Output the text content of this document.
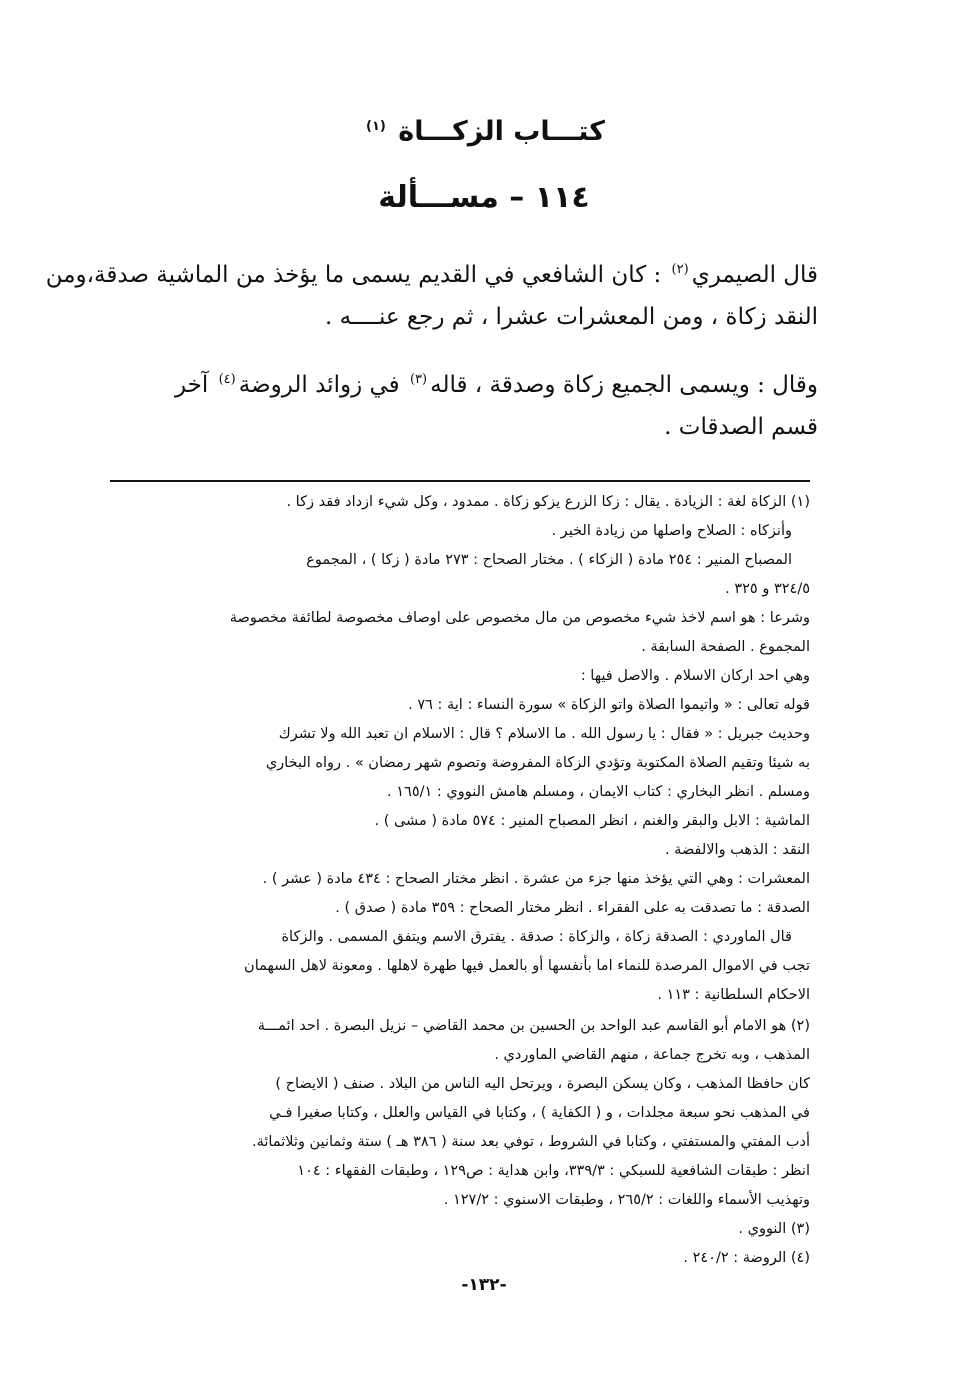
كتـــاب الزكـــاة $^{(١)}$
١١٤ – مســـألة
قال الصيمري$^{(٢)}$ : كان الشافعي في القديم يسمى ما يؤخذ من الماشية صدقة،ومن
النقد زكاة ، ومن المعشرات عشرا ، ثم رجع عنــــه .
وقال : ويسمى الجميع زكاة وصدقة ، قاله$^{(٣)}$ في زوائد الروضة$^{(٤)}$ آخر
قسم الصدقات .
(١) الزكاة لغة : الزيادة . يقال : زكا الزرع يزكو زكاة . ممدود ، وكل شيء ازداد فقد زكا .
وأنزكاه : الصلاح واصلها من زيادة الخير .
المصباح المنير : ٢٥٤ مادة ( الزكاء ) . مختار الصحاح : ٢٧٣ مادة ( زكا ) ، المجموع
٣٢٤/٥ و ٣٢٥ .
وشرعا : هو اسم لاخذ شيء مخصوص من مال مخصوص على اوصاف مخصوصة لطائفة مخصوصة
المجموع . الصفحة السابقة .
وهي احد اركان الاسلام . والاصل فيها :
قوله تعالى : « واتيموا الصلاة واتو الزكاة » سورة النساء : اية : ٧٦ .
وحديث جبريل : « فقال : يا رسول الله . ما الاسلام ؟ قال : الاسلام ان تعبد الله ولا تشرك
به شيئا وتقيم الصلاة المكتوبة وتؤدي الزكاة المفروضة وتصوم شهر رمضان » . رواه البخاري
ومسلم . انظر البخاري : كتاب الايمان ، ومسلم هامش النووي : ١٦٥/١ .
الماشية : الابل والبقر والغنم ، انظر المصباح المنير : ٥٧٤ مادة ( مشى ) .
النقد : الذهب والالفضة .
المعشرات : وهي التي يؤخذ منها جزء من عشرة . انظر مختار الصحاح : ٤٣٤ مادة ( عشر ) .
الصدقة : ما تصدقت به على الفقراء . انظر مختار الصحاح : ٣٥٩ مادة ( صدق ) .
قال الماوردي : الصدقة زكاة ، والزكاة : صدقة . يفترق الاسم ويتفق المسمى . والزكاة
تجب في الاموال المرصدة للنماء اما بأنفسها أو بالعمل فيها طهرة لاهلها . ومعونة لاهل السهمان
الاحكام السلطانية : ١١٣ .
(٢) هو الامام أبو القاسم عبد الواحد بن الحسين بن محمد القاضي – نزيل البصرة . احد ائمـــة
المذهب ، وبه تخرج جماعة ، منهم القاضي الماوردي .
كان حافظا المذهب ، وكان يسكن البصرة ، ويرتحل اليه الناس من البلاد . صنف ( الايضاح )
في المذهب نحو سبعة مجلدات ، و ( الكفاية ) ، وكتابا في القياس والعلل ، وكتابا صغيرا فـي
أدب المفتي والمستفتي ، وكتابا في الشروط ، توفي بعد سنة ( ٣٨٦ هـ ) ستة وثمانين وثلاثمائة.
انظر : طبقات الشافعية للسبكي : ٣٣٩/٣، وابن هداية : ص١٢٩ ، وطبقات الفقهاء : ١٠٤
وتهذيب الأسماء واللغات : ٢٦٥/٢ ، وطبقات الاسنوي : ١٢٧/٢ .
(٣) النووي .
(٤) الروضة : ٢٤٠/٢ .
-١٣٢-
